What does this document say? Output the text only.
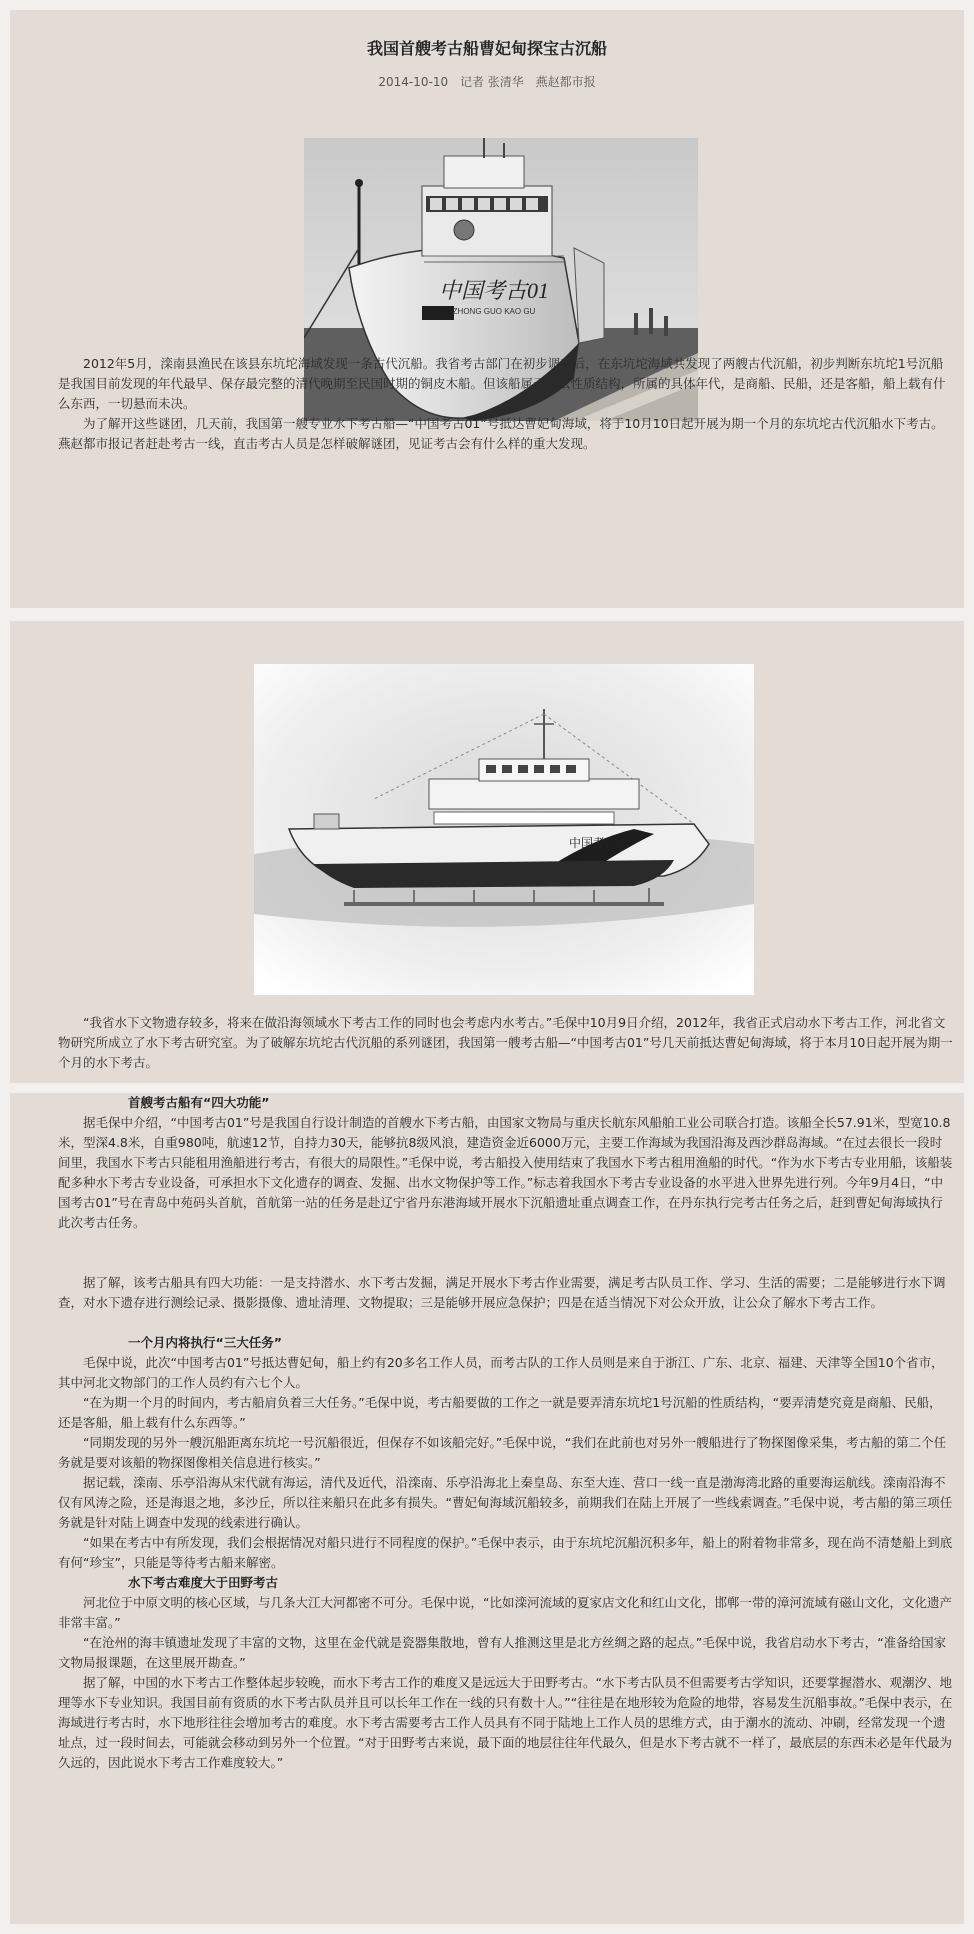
我国首艘考古船曹妃甸探宝古沉船
2014-10-10 记者 张清华 燕赵都市报
中国考古01
ZHONG GUO KAO GU

2012年5月，滦南县渔民在该县东坑坨海域发现一条古代沉船。我省考古部门在初步调查后，在东坑坨海域共发现了两艘古代沉船，初步判断东坑坨1号沉船是我国目前发现的年代最早、保存最完整的清代晚期至民国时期的铜皮木船。但该船属于什么性质结构，所属的具体年代，是商船、民船，还是客船，船上载有什么东西，一切悬而未决。

为了解开这些谜团，几天前，我国第一艘专业水下考古船—“中国考古01”号抵达曹妃甸海域，将于10月10日起开展为期一个月的东坑坨古代沉船水下考古。燕赵都市报记者赶赴考古一线，直击考古人员是怎样破解谜团，见证考古会有什么样的重大发现。

中国考古01

“我省水下文物遗存较多，将来在做沿海领域水下考古工作的同时也会考虑内水考古。”毛保中10月9日介绍，2012年，我省正式启动水下考古工作，河北省文物研究所成立了水下考古研究室。为了破解东坑坨古代沉船的系列谜团，我国第一艘考古船—“中国考古01”号几天前抵达曹妃甸海域，将于本月10日起开展为期一个月的水下考古。

首艘考古船有“四大功能”

据毛保中介绍，“中国考古01”号是我国自行设计制造的首艘水下考古船，由国家文物局与重庆长航东风船舶工业公司联合打造。该船全长57.91米，型宽10.8米，型深4.8米，自重980吨，航速12节，自持力30天，能够抗8级风浪，建造资金近6000万元，主要工作海域为我国沿海及西沙群岛海域。“在过去很长一段时间里，我国水下考古只能租用渔船进行考古，有很大的局限性。”毛保中说，考古船投入使用结束了我国水下考古租用渔船的时代。“作为水下考古专业用船，该船装配多种水下考古专业设备，可承担水下文化遗存的调查、发掘、出水文物保护等工作。”标志着我国水下考古专业设备的水平进入世界先进行列。今年9月4日，“中国考古01”号在青岛中苑码头首航，首航第一站的任务是赴辽宁省丹东港海域开展水下沉船遗址重点调查工作，在丹东执行完考古任务之后，赶到曹妃甸海域执行此次考古任务。

据了解，该考古船具有四大功能：一是支持潜水、水下考古发掘，满足开展水下考古作业需要，满足考古队员工作、学习、生活的需要；二是能够进行水下调查，对水下遗存进行测绘记录、摄影摄像、遗址清理、文物提取；三是能够开展应急保护；四是在适当情况下对公众开放，让公众了解水下考古工作。

一个月内将执行“三大任务”

毛保中说，此次“中国考古01”号抵达曹妃甸，船上约有20多名工作人员，而考古队的工作人员则是来自于浙江、广东、北京、福建、天津等全国10个省市，其中河北文物部门的工作人员约有六七个人。

“在为期一个月的时间内，考古船肩负着三大任务。”毛保中说，考古船要做的工作之一就是要弄清东坑坨1号沉船的性质结构，“要弄清楚究竟是商船、民船，还是客船，船上载有什么东西等。”

“同期发现的另外一艘沉船距离东坑坨一号沉船很近，但保存不如该船完好。”毛保中说，“我们在此前也对另外一艘船进行了物探图像采集，考古船的第二个任务就是要对该船的物探图像相关信息进行核实。”

据记载，滦南、乐亭沿海从宋代就有海运，清代及近代，沿滦南、乐亭沿海北上秦皇岛、东至大连、营口一线一直是渤海湾北路的重要海运航线。滦南沿海不仅有风涛之险，还是海退之地，多沙丘，所以往来船只在此多有损失。“曹妃甸海域沉船较多，前期我们在陆上开展了一些线索调查。”毛保中说，考古船的第三项任务就是针对陆上调查中发现的线索进行确认。

“如果在考古中有所发现，我们会根据情况对船只进行不同程度的保护。”毛保中表示，由于东坑坨沉船沉积多年，船上的附着物非常多，现在尚不清楚船上到底有何“珍宝”，只能是等待考古船来解密。

水下考古难度大于田野考古

河北位于中原文明的核心区域，与几条大江大河都密不可分。毛保中说，“比如滦河流域的夏家店文化和红山文化，邯郸一带的漳河流域有磁山文化，文化遗产非常丰富。”

“在沧州的海丰镇遗址发现了丰富的文物，这里在金代就是瓷器集散地，曾有人推测这里是北方丝绸之路的起点。”毛保中说，我省启动水下考古，“准备给国家文物局报课题，在这里展开勘查。”

据了解，中国的水下考古工作整体起步较晚，而水下考古工作的难度又是远远大于田野考古。“水下考古队员不但需要考古学知识，还要掌握潜水、观潮汐、地理等水下专业知识。我国目前有资质的水下考古队员并且可以长年工作在一线的只有数十人。”“往往是在地形较为危险的地带，容易发生沉船事故。”毛保中表示，在海域进行考古时，水下地形往往会增加考古的难度。水下考古需要考古工作人员具有不同于陆地上工作人员的思维方式，由于潮水的流动、冲刷，经常发现一个遗址点，过一段时间去，可能就会移动到另外一个位置。“对于田野考古来说，最下面的地层往往年代最久，但是水下考古就不一样了，最底层的东西未必是年代最为久远的，因此说水下考古工作难度较大。”
